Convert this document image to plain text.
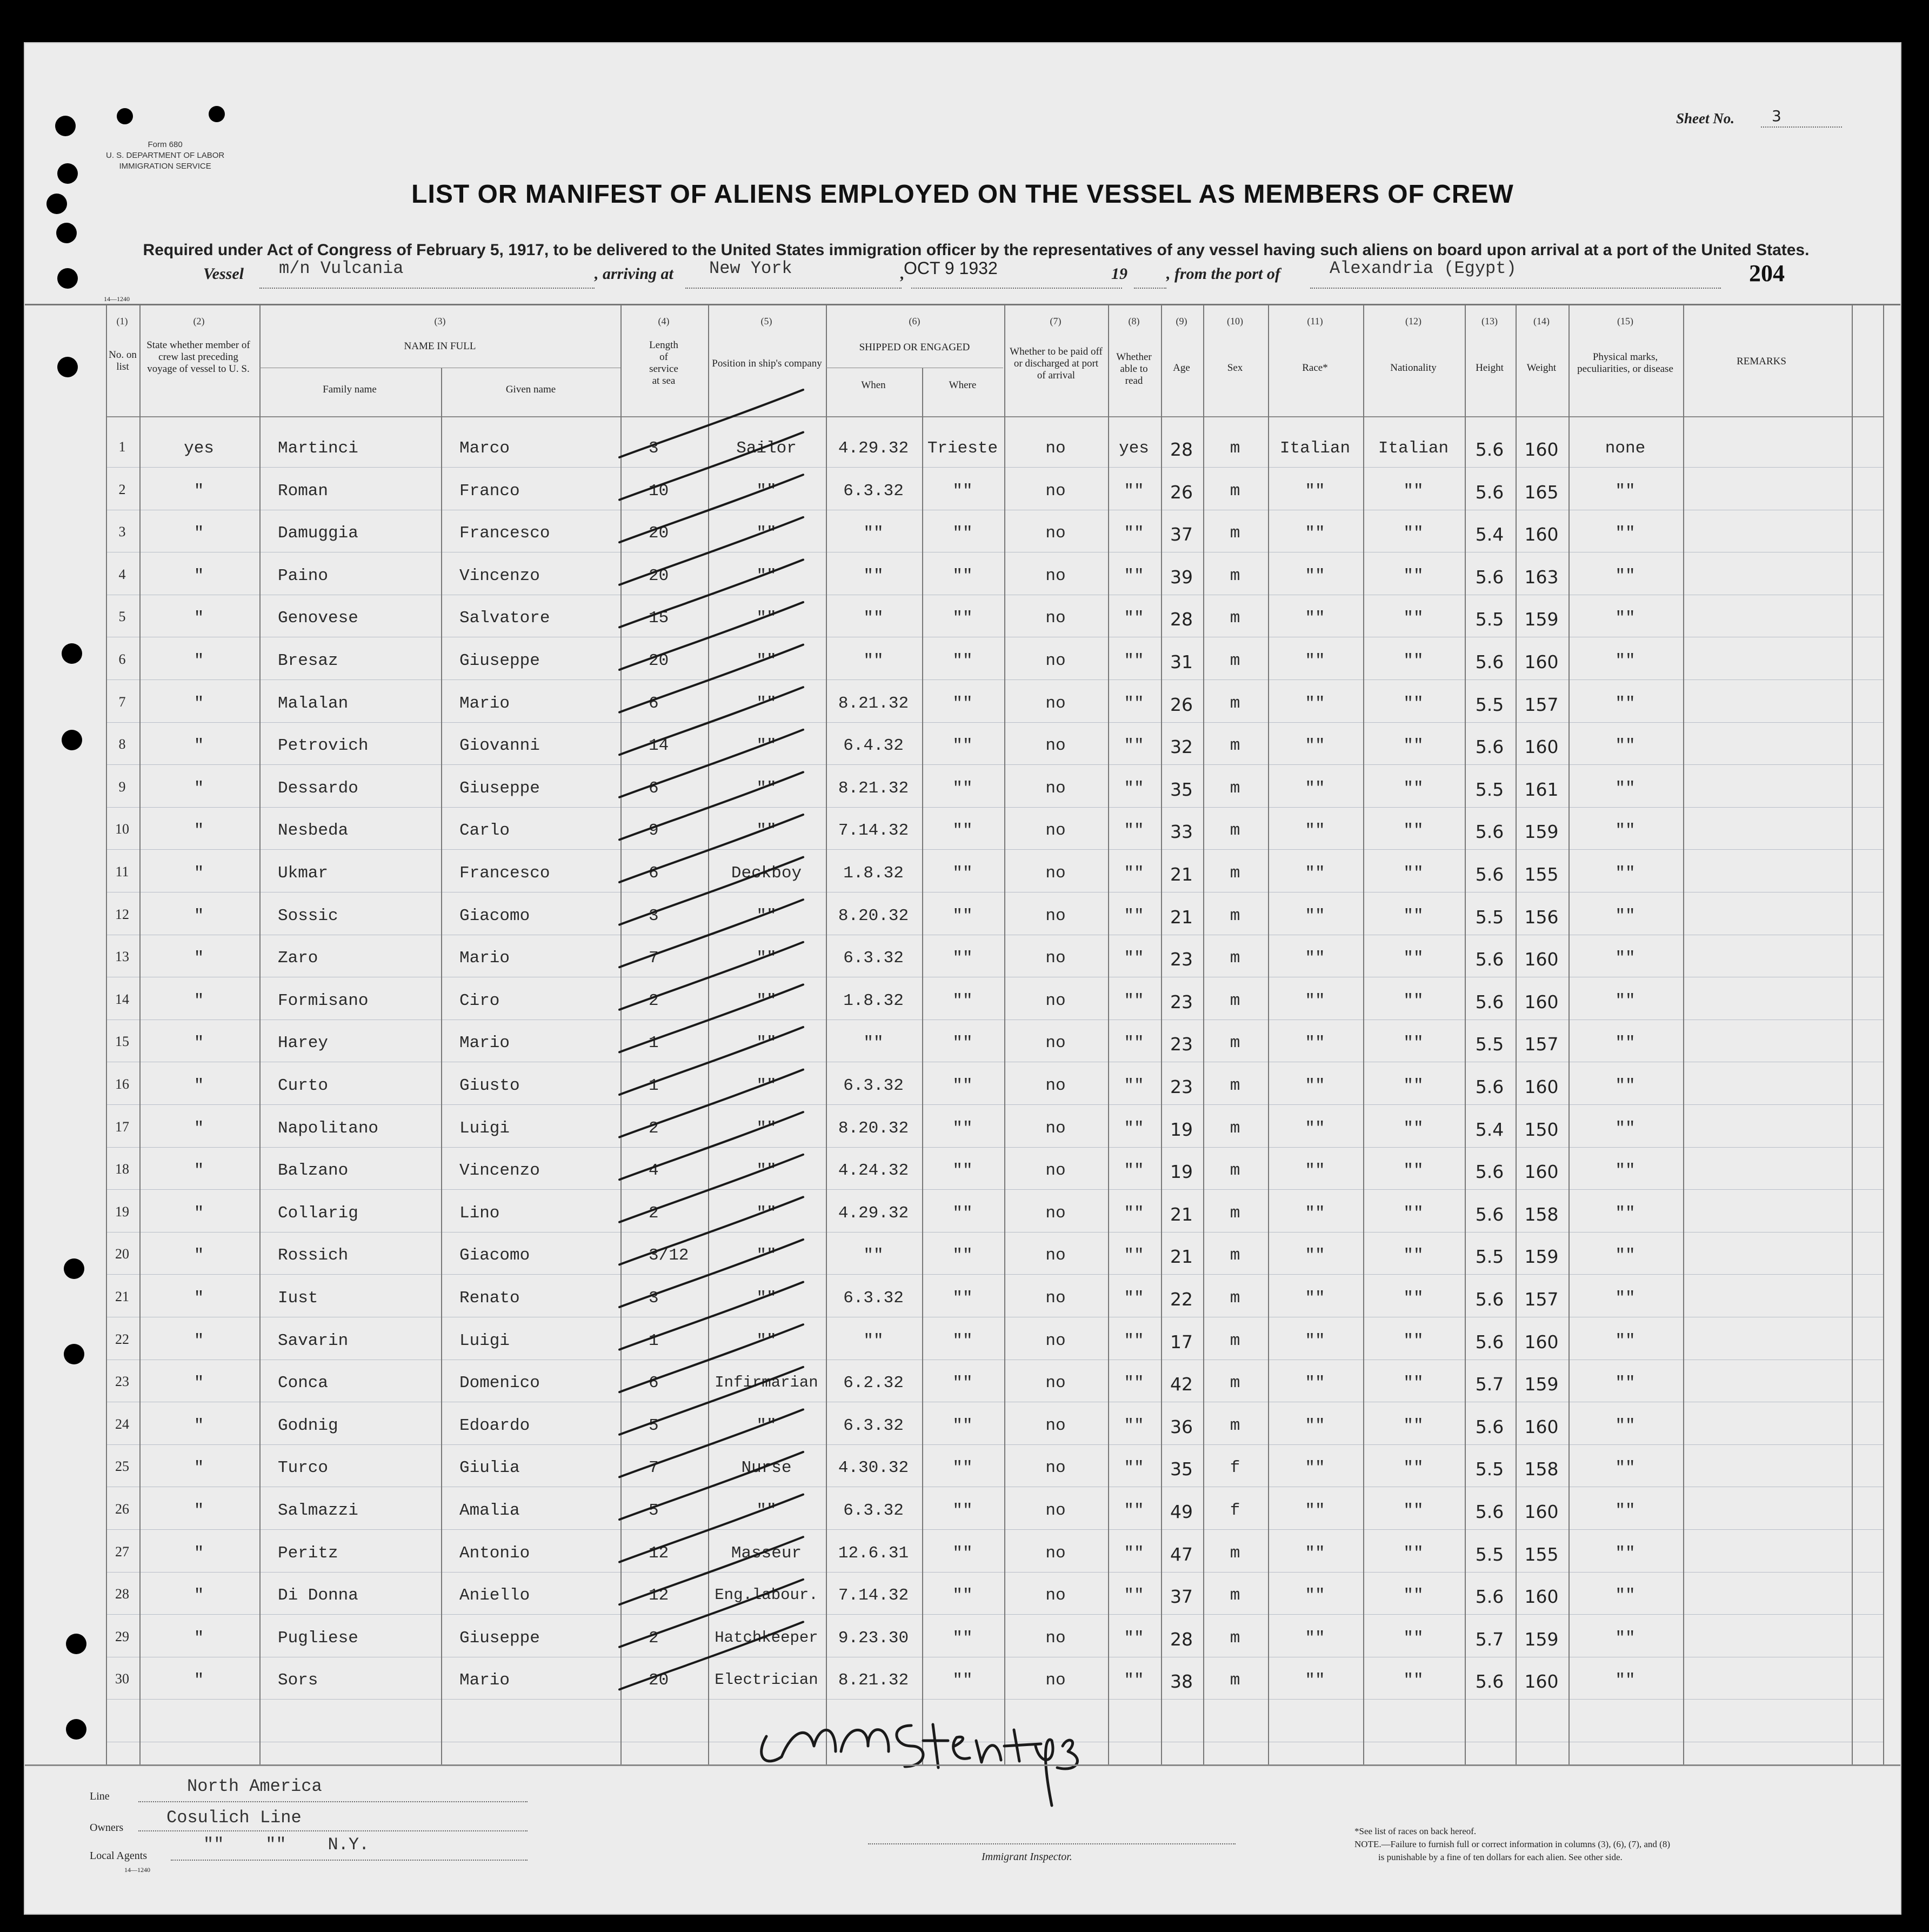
Form 680
U. S. DEPARTMENT OF LABOR
IMMIGRATION SERVICE
Sheet No. 3
LIST OR MANIFEST OF ALIENS EMPLOYED ON THE VESSEL AS MEMBERS OF CREW
Required under Act of Congress of February 5, 1917, to be delivered to the United States immigration officer by the representatives of any vessel having such aliens on board upon arrival at a port of the United States.
Vessel m/n Vulcania	, arriving at New York	,
OCT 9 1932	19 , from the port of	Alexandria (Egypt)	204
14—1240
1	yes	Martinci	Marco	3	Sailor	4.29.32	Trieste	no	yes	28	m	Italian	Italian	5.6	160	none
2	"	Roman	Franco	10	""	6.3.32	""	no	""	26	m	""	""	5.6	165	""
3	"	Damuggia	Francesco	20	""	""	""	no	""	37	m	""	""	5.4	160	""
4	"	Paino	Vincenzo	20	""	""	""	no	""	39	m	""	""	5.6	163	""
5	"	Genovese	Salvatore	15	""	""	""	no	""	28	m	""	""	5.5	159	""
6	"	Bresaz	Giuseppe	20	""	""	""	no	""	31	m	""	""	5.6	160	""
7	"	Malalan	Mario	6	""	8.21.32	""	no	""	26	m	""	""	5.5	157	""
8	"	Petrovich	Giovanni	14	""	6.4.32	""	no	""	32	m	""	""	5.6	160	""
9	"	Dessardo	Giuseppe	6	""	8.21.32	""	no	""	35	m	""	""	5.5	161	""
10	"	Nesbeda	Carlo	9	""	7.14.32	""	no	""	33	m	""	""	5.6	159	""
11	"	Ukmar	Francesco	6	Deckboy	1.8.32	""	no	""	21	m	""	""	5.6	155	""
12	"	Sossic	Giacomo	3	""	8.20.32	""	no	""	21	m	""	""	5.5	156	""
13	"	Zaro	Mario	7	""	6.3.32	""	no	""	23	m	""	""	5.6	160	""
14	"	Formisano	Ciro	2	""	1.8.32	""	no	""	23	m	""	""	5.6	160	""
15	"	Harey	Mario	1	""	""	""	no	""	23	m	""	""	5.5	157	""
16	"	Curto	Giusto	1	""	6.3.32	""	no	""	23	m	""	""	5.6	160	""
17	"	Napolitano	Luigi	2	""	8.20.32	""	no	""	19	m	""	""	5.4	150	""
18	"	Balzano	Vincenzo	4	""	4.24.32	""	no	""	19	m	""	""	5.6	160	""
19	"	Collarig	Lino	2	""	4.29.32	""	no	""	21	m	""	""	5.6	158	""
20	"	Rossich	Giacomo	3/12	""	""	""	no	""	21	m	""	""	5.5	159	""
21	"	Iust	Renato	3	""	6.3.32	""	no	""	22	m	""	""	5.6	157	""
22	"	Savarin	Luigi	1	""	""	""	no	""	17	m	""	""	5.6	160	""
23	"	Conca	Domenico	6	Infirmarian	6.2.32	""	no	""	42	m	""	""	5.7	159	""
24	"	Godnig	Edoardo	5	""	6.3.32	""	no	""	36	m	""	""	5.6	160	""
25	"	Turco	Giulia	7	Nurse	4.30.32	""	no	""	35	f	""	""	5.5	158	""
26	"	Salmazzi	Amalia	5	""	6.3.32	""	no	""	49	f	""	""	5.6	160	""
27	"	Peritz	Antonio	12	Masseur	12.6.31	""	no	""	47	m	""	""	5.5	155	""
28	"	Di Donna	Aniello	12	Eng.labour.	7.14.32	""	no	""	37	m	""	""	5.6	160	""
29	"	Pugliese	Giuseppe	2	Hatchkeeper	9.23.30	""	no	""	28	m	""	""	5.7	159	""
30	"	Sors	Mario	20	Electrician	8.21.32	""	no	""	38	m	""	""	5.6	160	""
(1)
No. on list
(2)
State whether member of crew last preceding voyage of vessel to U. S.
(3)
NAME IN FULL
Family name	Given name
(4)
Length of service at sea
(5)
Position in ship's company
(6)
SHIPPED OR ENGAGED
When	Where
(7)
Whether to be paid off or discharged at port of arrival
(8)
Whether able to read
(9)
Age
(10)
Sex
(11)
Race*
(12)
Nationality
(13)
Height
(14)
Weight
(15)
Physical marks, peculiarities, or disease
REMARKS
Line	North America
Owners Cosulich Line
Local Agents
""    ""    N.Y.
14—1240
Immigrant Inspector.
*See list of races on back hereof.
NOTE.—Failure to furnish full or correct information in columns (3), (6), (7), and (8)
is punishable by a fine of ten dollars for each alien. See other side.
